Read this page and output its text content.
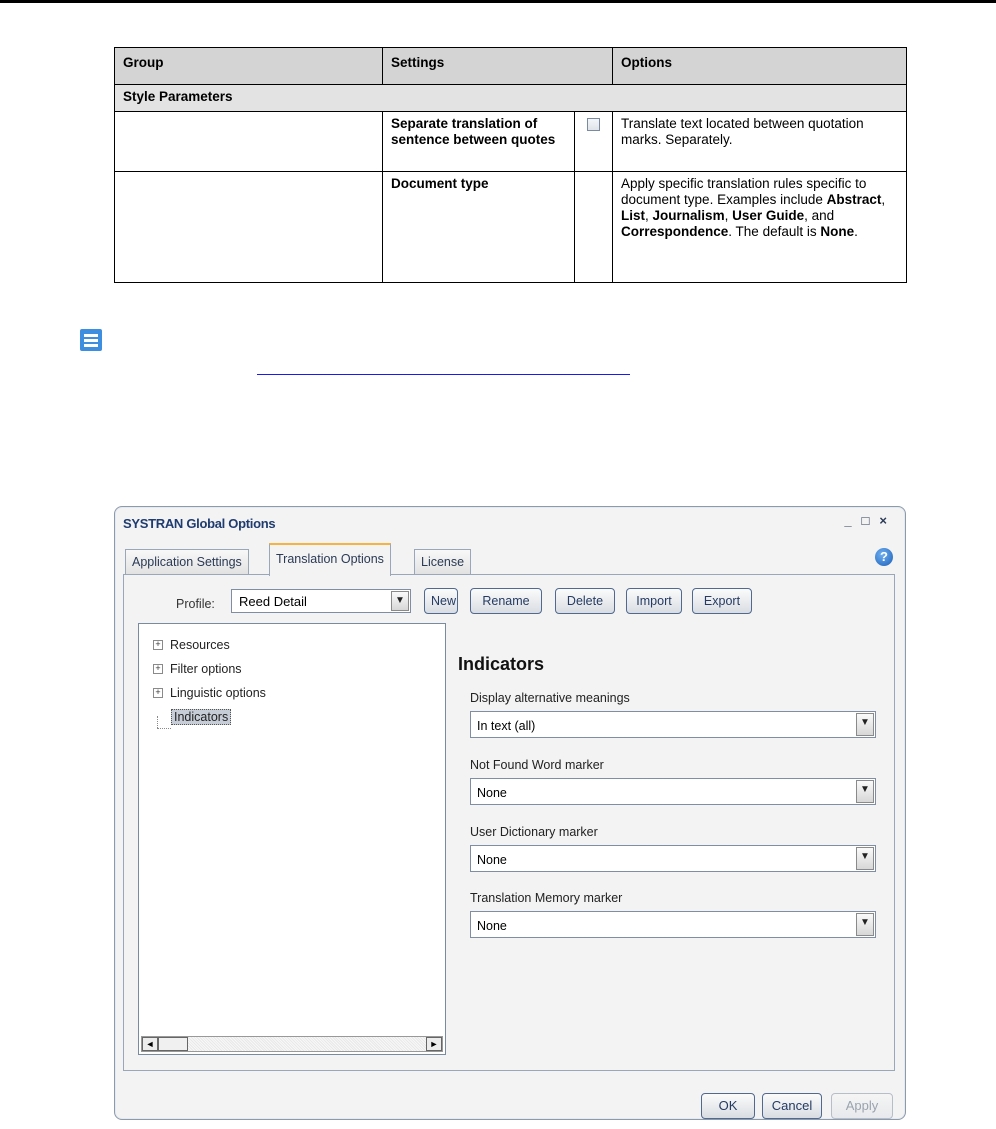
Group	Settings		Options
Style Parameters			
	Separate translation of sentence between quotes		Translate text located between quotation marks. Separately.
	Document type		Apply specific translation rules specific to document type. Examples include Abstract, List, Journalism, User Guide, and Correspondence. The default is None.
SYSTRAN Global Options	_ □ ×
Application Settings	Translation Options	License	?
Profile: Reed Detail	▼	New	Rename	Delete	Import	Export
+ Resources
+ Filter options
+ Linguistic options
Indicators
◄	►
Indicators
Display alternative meanings
In text (all)	▼
Not Found Word marker
None	▼
User Dictionary marker
None	▼
Translation Memory marker
None	▼
OK	Cancel	Apply
